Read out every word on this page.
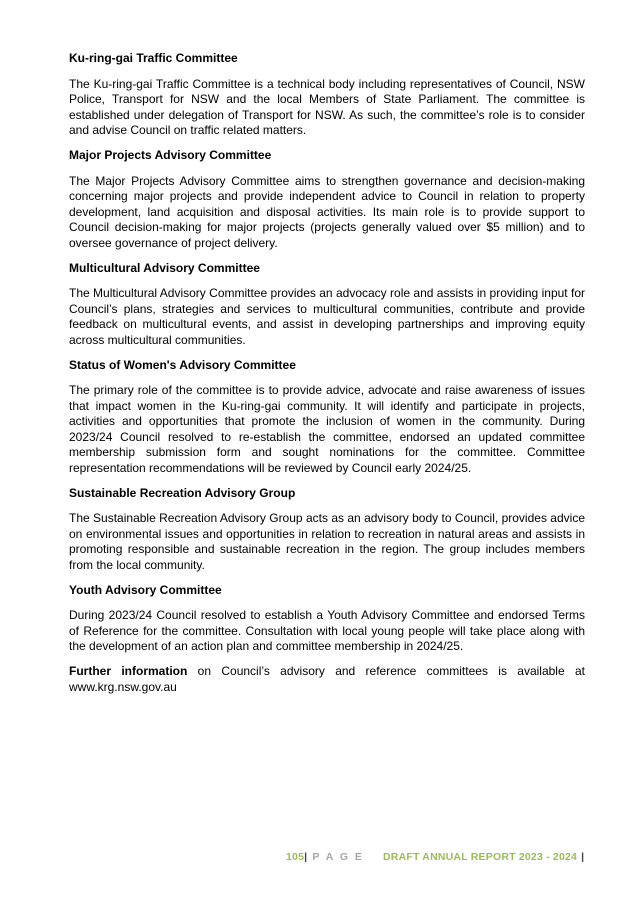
Ku-ring-gai Traffic Committee

The Ku-ring-gai Traffic Committee is a technical body including representatives of Council, NSW Police, Transport for NSW and the local Members of State Parliament. The committee is established under delegation of Transport for NSW. As such, the committee’s role is to consider and advise Council on traffic related matters.

Major Projects Advisory Committee

The Major Projects Advisory Committee aims to strengthen governance and decision-making concerning major projects and provide independent advice to Council in relation to property development, land acquisition and disposal activities. Its main role is to provide support to Council decision-making for major projects (projects generally valued over $5 million) and to oversee governance of project delivery.

Multicultural Advisory Committee

The Multicultural Advisory Committee provides an advocacy role and assists in providing input for Council’s plans, strategies and services to multicultural communities, contribute and provide feedback on multicultural events, and assist in developing partnerships and improving equity across multicultural communities.

Status of Women's Advisory Committee

The primary role of the committee is to provide advice, advocate and raise awareness of issues that impact women in the Ku-ring-gai community. It will identify and participate in projects, activities and opportunities that promote the inclusion of women in the community. During 2023/24 Council resolved to re-establish the committee, endorsed an updated committee membership submission form and sought nominations for the committee. Committee representation recommendations will be reviewed by Council early 2024/25.

Sustainable Recreation Advisory Group

The Sustainable Recreation Advisory Group acts as an advisory body to Council, provides advice on environmental issues and opportunities in relation to recreation in natural areas and assists in promoting responsible and sustainable recreation in the region. The group includes members from the local community.

Youth Advisory Committee

During 2023/24 Council resolved to establish a Youth Advisory Committee and endorsed Terms of Reference for the committee. Consultation with local young people will take place along with the development of an action plan and committee membership in 2024/25.

Further information on Council’s advisory and reference committees is available at www.krg.nsw.gov.au

105| P A G E DRAFT ANNUAL REPORT 2023 - 2024 |
